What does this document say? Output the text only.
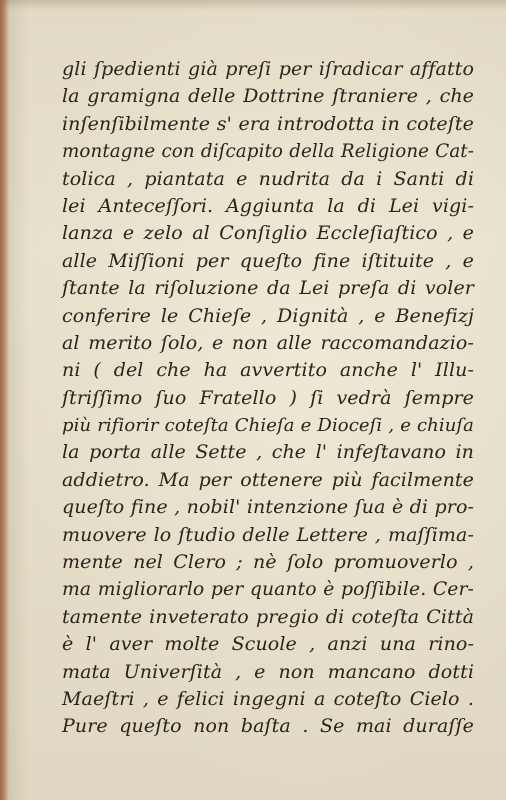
gli ſpedienti già preſi per iſradicar affatto
la gramigna delle Dottrine ſtraniere , che
inſenſibilmente s' era introdotta in coteſte
montagne con diſcapito della Religione Cat-
tolica , piantata e nudrita da i Santi di
lei Anteceſſori. Aggiunta la di Lei vigi-
lanza e zelo al Conſiglio Eccleſiaſtico , e
alle Miſſioni per queſto fine iſtituite , e
ſtante la riſoluzione da Lei preſa di voler
conferire le Chieſe , Dignità , e Benefizj
al merito ſolo, e non alle raccomandazio-
ni ( del che ha avvertito anche l' Illu-
ſtriſſimo ſuo Fratello ) ſi vedrà ſempre
più rifiorir coteſta Chieſa e Dioceſi , e chiuſa
la porta alle Sette , che l' infeſtavano in
addietro. Ma per ottenere più facilmente
queſto fine , nobil' intenzione ſua è di pro-
muovere lo ſtudio delle Lettere , maſſima-
mente nel Clero ; nè ſolo promuoverlo ,
ma migliorarlo per quanto è poſſibile. Cer-
tamente inveterato pregio di coteſta Città
è l' aver molte Scuole , anzi una rino-
mata Univerſità , e non mancano dotti
Maeſtri , e felici ingegni a coteſto Cielo .
Pure queſto non baſta . Se mai duraſſe
